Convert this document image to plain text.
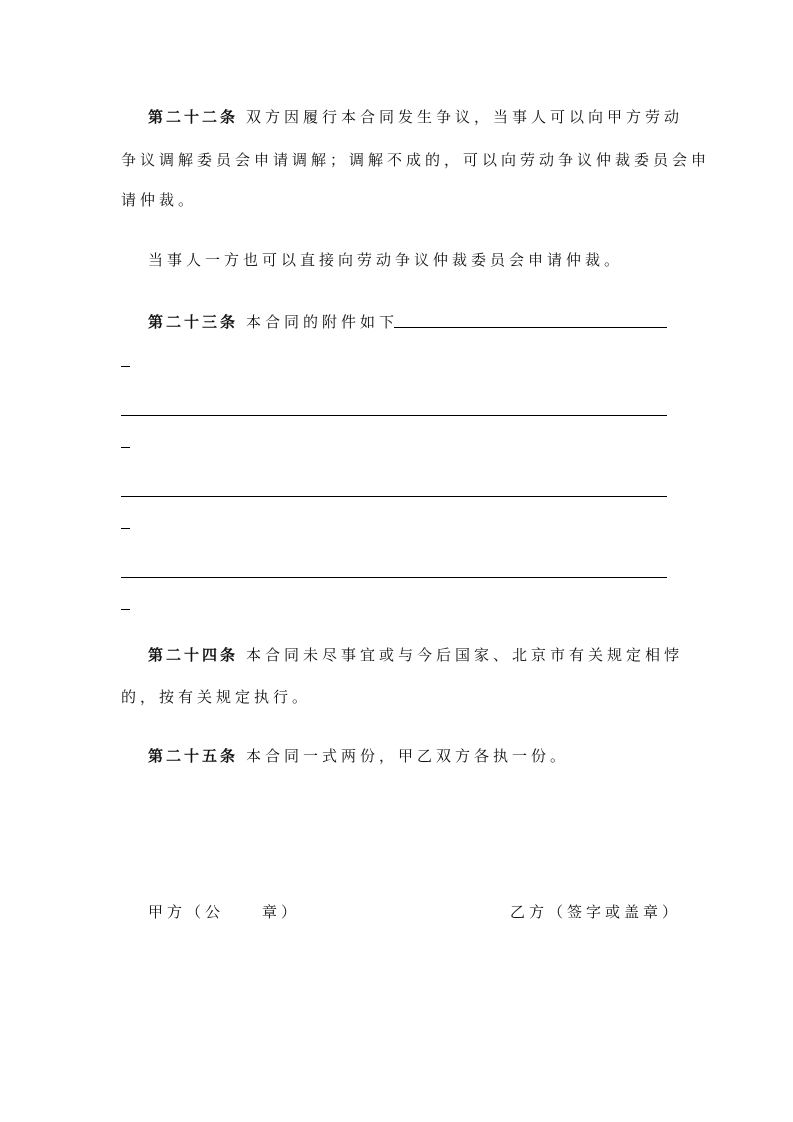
第二十二条 双方因履行本合同发生争议，当事人可以向甲方劳动
争议调解委员会申请调解；调解不成的，可以向劳动争议仲裁委员会申
请仲裁。
当事人一方也可以直接向劳动争议仲裁委员会申请仲裁。
第二十三条 本合同的附件如下
第二十四条 本合同未尽事宜或与今后国家、北京市有关规定相悖
的，按有关规定执行。
第二十五条 本合同一式两份，甲乙双方各执一份。
甲方（公　　章）	乙方（签字或盖章）
